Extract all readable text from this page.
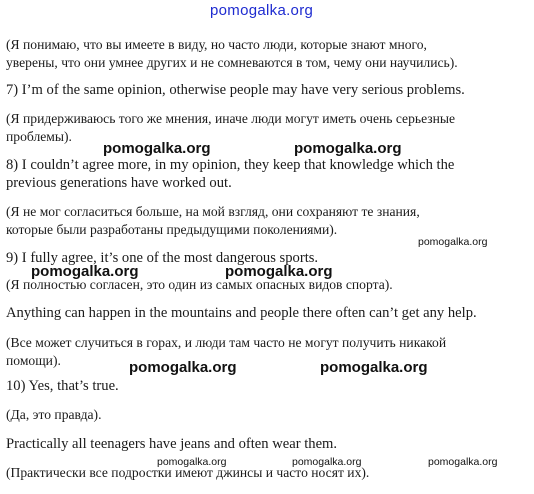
pomogalka.org
(Я понимаю, что вы имеете в виду, но часто люди, которые знают много,
уверены, что они умнее других и не сомневаются в том, чему они научились).
7) I’m of the same opinion, otherwise people may have very serious problems.
(Я придерживаюсь того же мнения, иначе люди могут иметь очень серьезные
проблемы).
pomogalka.org	pomogalka.org
8) I couldn’t agree more, in my opinion, they keep that knowledge which the
previous generations have worked out.
(Я не мог согласиться больше, на мой взгляд, они сохраняют те знания,
которые были разработаны предыдущими поколениями).
pomogalka.org
9) I fully agree, it’s one of the most dangerous sports.
pomogalka.org	pomogalka.org
(Я полностью согласен, это один из самых опасных видов спорта).
Anything can happen in the mountains and people there often can’t get any help.
(Все может случиться в горах, и люди там часто не могут получить никакой
помощи).	pomogalka.org	pomogalka.org
10) Yes, that’s true.
(Да, это правда).
Practically all teenagers have jeans and often wear them.
pomogalka.org	pomogalka.org	pomogalka.org
(Практически все подростки имеют джинсы и часто носят их).
